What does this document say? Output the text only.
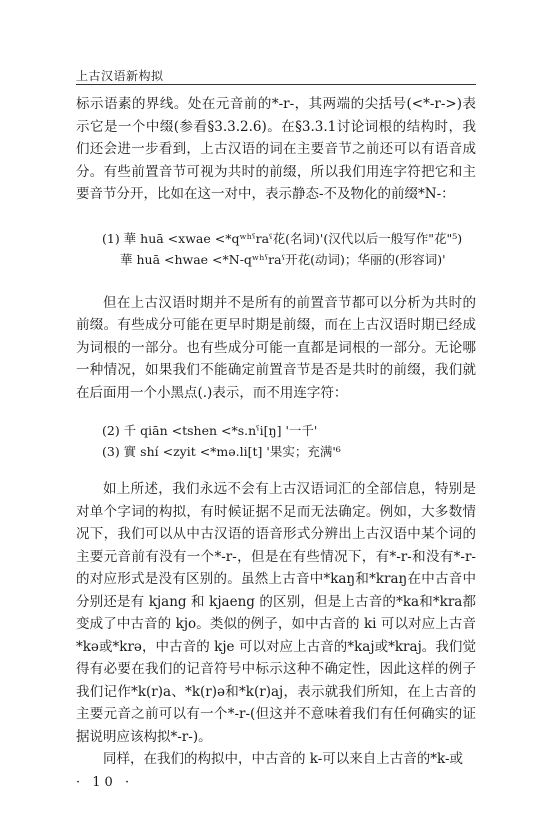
上古汉语新构拟

标示语素的界线。处在元音前的*-r-，其两端的尖括号(<*-r->)表示它是一个中缀(参看§3.3.2.6)。在§3.3.1讨论词根的结构时，我们还会进一步看到，上古汉语的词在主要音节之前还可以有语音成分。有些前置音节可视为共时的前缀，所以我们用连字符把它和主要音节分开，比如在这一对中，表示静态-不及物化的前缀*N-：

(1) 華 huā <xwae <*qʷʰˤraˁ花(名词)'(汉代以后一般写作"花"⁵)

華 huā <hwae <*N-qʷʰˤraˁ开花(动词)；华丽的(形容词)'

但在上古汉语时期并不是所有的前置音节都可以分析为共时的前缀。有些成分可能在更早时期是前缀，而在上古汉语时期已经成为词根的一部分。也有些成分可能一直都是词根的一部分。无论哪一种情况，如果我们不能确定前置音节是否是共时的前缀，我们就在后面用一个小黑点(.)表示，而不用连字符：

(2) 千 qiān <tshen <*s.nˤi[ŋ] '一千'

(3) 實 shí <zyit <*mə.li[t] '果实；充满'⁶

如上所述，我们永远不会有上古汉语词汇的全部信息，特别是对单个字词的构拟，有时候证据不足而无法确定。例如，大多数情况下，我们可以从中古汉语的语音形式分辨出上古汉语中某个词的主要元音前有没有一个*-r-，但是在有些情况下，有*-r-和没有*-r-的对应形式是没有区别的。虽然上古音中*kaŋ和*kraŋ在中古音中分别还是有 kjang 和 kjaeng 的区别，但是上古音的*ka和*kra都变成了中古音的 kjo。类似的例子，如中古音的 ki 可以对应上古音*kə或*krə，中古音的 kje 可以对应上古音的*kaj或*kraj。我们觉得有必要在我们的记音符号中标示这种不确定性，因此这样的例子我们记作*k(r)a、*k(r)ə和*k(r)aj，表示就我们所知，在上古音的主要元音之前可以有一个*-r-(但这并不意味着我们有任何确实的证据说明应该构拟*-r-)。

同样，在我们的构拟中，中古音的 k-可以来自上古音的*k-或

· 10 ·
